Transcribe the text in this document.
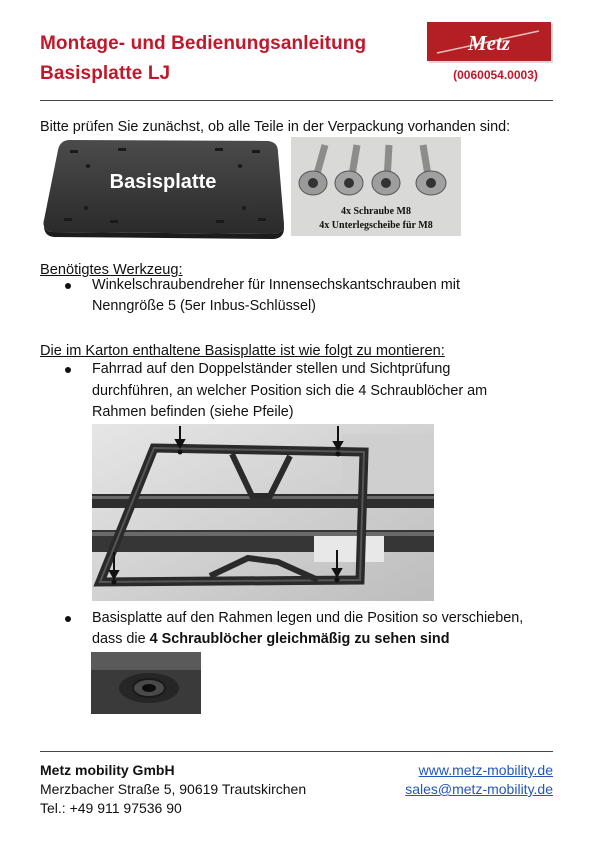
Montage- und Bedienungsanleitung
Basisplatte LJ
Metz
(0060054.0003)
Bitte prüfen Sie zunächst, ob alle Teile in der Verpackung vorhanden sind:
Basisplatte
4x Schraube M8
4x Unterlegscheibe für M8
Benötigtes Werkzeug:
Winkelschraubendreher für Innensechskantschrauben mit
Nenngröße 5 (5er Inbus-Schlüssel)
Die im Karton enthaltene Basisplatte ist wie folgt zu montieren:
Fahrrad auf den Doppelständer stellen und Sichtprüfung
durchführen, an welcher Position sich die 4 Schraublöcher am
Rahmen befinden (siehe Pfeile)
Basisplatte auf den Rahmen legen und die Position so verschieben,
dass die 4 Schraublöcher gleichmäßig zu sehen sind
Metz mobility GmbH
Merzbacher Straße 5, 90619 Trautskirchen
Tel.: +49 911 97536 90
www.metz-mobility.de
sales@metz-mobility.de
